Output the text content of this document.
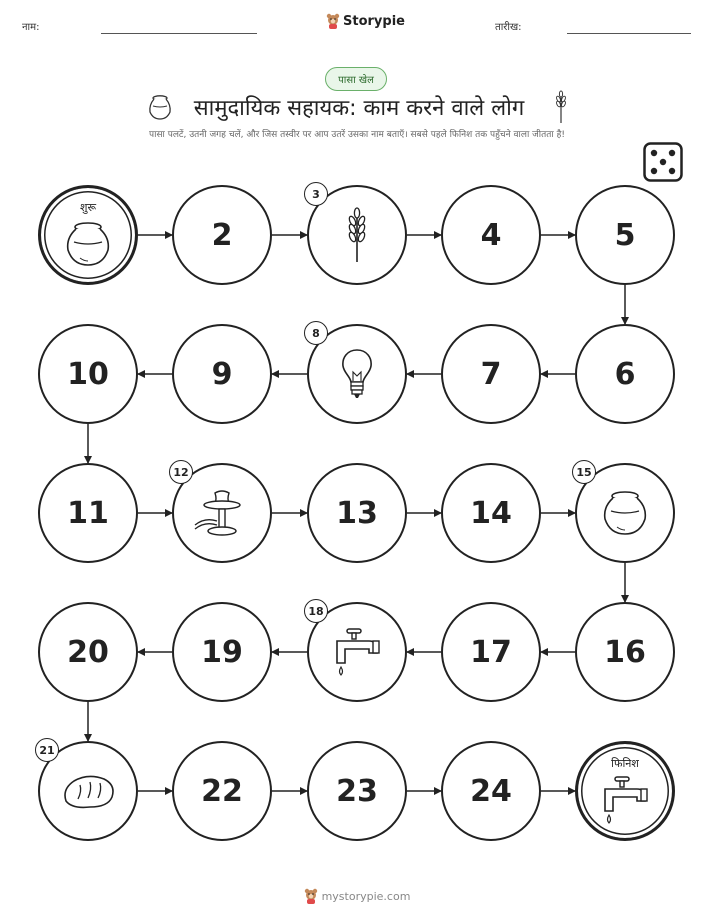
नाम:	Storypie	तारीख:
पासा खेल
सामुदायिक सहायक: काम करने वाले लोग
पासा पलटें, उतनी जगह चलें, और जिस तस्वीर पर आप उतरें उसका नाम बताएँ। सबसे पहले फिनिश तक पहुँचने वाला जीतता है!
शुरू
2
3
4	5
6
7
8
9
10
11
12
13	14
15
16
17
18
19
20
21
22	23	24
फिनिश
mystorypie.com
